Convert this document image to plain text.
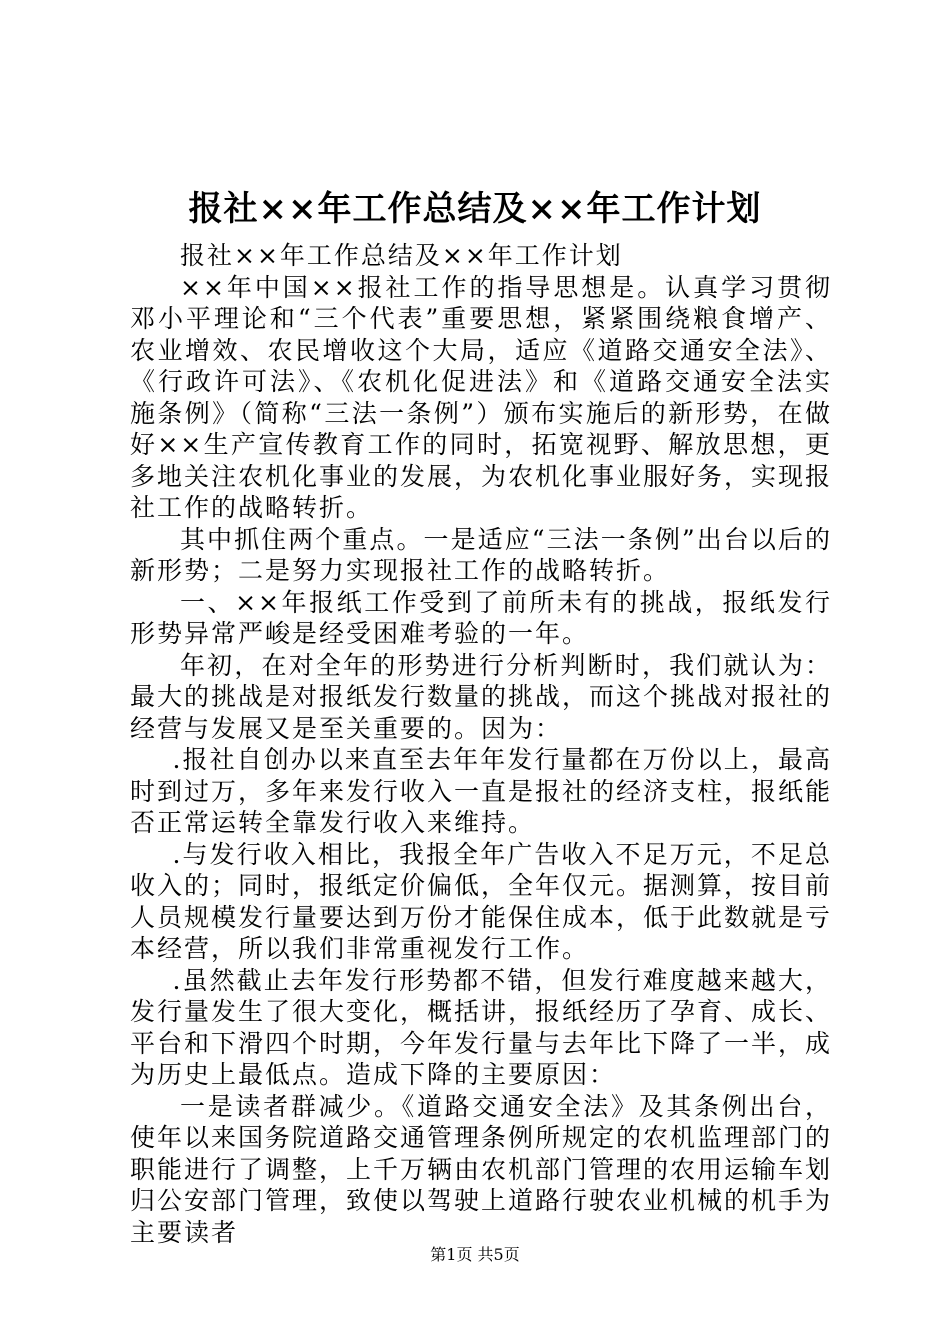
报社××年工作总结及××年工作计划

报社××年工作总结及××年工作计划

××年中国××报社工作的指导思想是。认真学习贯彻邓小平理论和“三个代表”重要思想，紧紧围绕粮食增产、农业增效、农民增收这个大局，适应《道路交通安全法》、《行政许可法》、《农机化促进法》和《道路交通安全法实施条例》（简称“三法一条例”）颁布实施后的新形势，在做好××生产宣传教育工作的同时，拓宽视野、解放思想，更多地关注农机化事业的发展，为农机化事业服好务，实现报社工作的战略转折。

其中抓住两个重点。一是适应“三法一条例”出台以后的新形势；二是努力实现报社工作的战略转折。

一、××年报纸工作受到了前所未有的挑战，报纸发行形势异常严峻是经受困难考验的一年。

年初，在对全年的形势进行分析判断时，我们就认为：最大的挑战是对报纸发行数量的挑战，而这个挑战对报社的经营与发展又是至关重要的。因为：

.报社自创办以来直至去年年发行量都在万份以上，最高时到过万，多年来发行收入一直是报社的经济支柱，报纸能否正常运转全靠发行收入来维持。

.与发行收入相比，我报全年广告收入不足万元，不足总收入的；同时，报纸定价偏低，全年仅元。据测算，按目前人员规模发行量要达到万份才能保住成本，低于此数就是亏本经营，所以我们非常重视发行工作。

.虽然截止去年发行形势都不错，但发行难度越来越大，发行量发生了很大变化，概括讲，报纸经历了孕育、成长、平台和下滑四个时期，今年发行量与去年比下降了一半，成为历史上最低点。造成下降的主要原因：

一是读者群减少。《道路交通安全法》及其条例出台，使年以来国务院道路交通管理条例所规定的农机监理部门的职能进行了调整，上千万辆由农机部门管理的农用运输车划归公安部门管理，致使以驾驶上道路行驶农业机械的机手为主要读者

第1页 共5页
